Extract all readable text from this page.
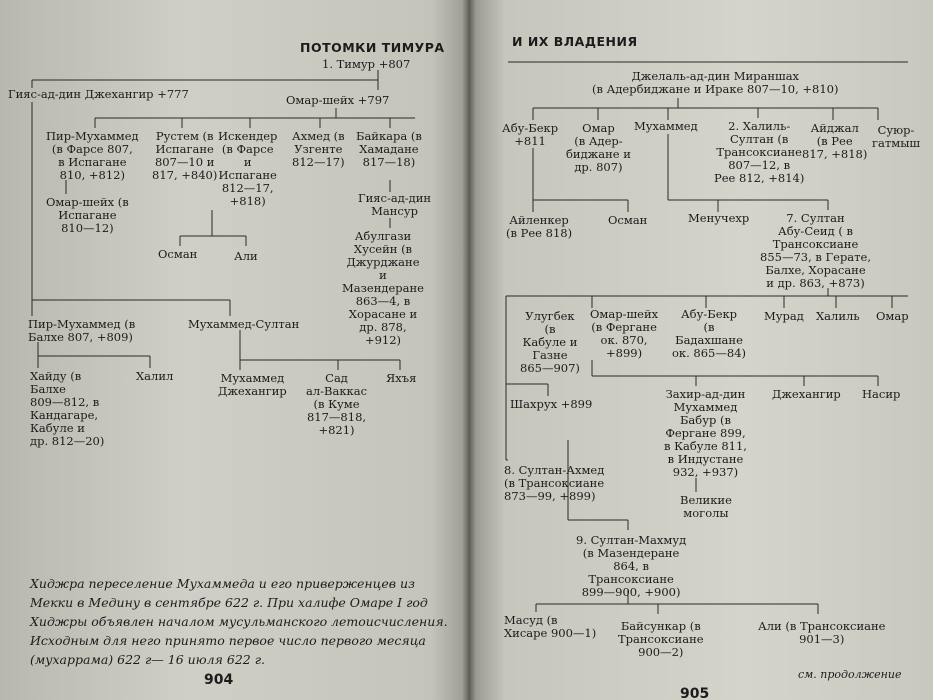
ПОТОМКИ ТИМУРА
1. Тимур +807
Гияс-ад-дин Джехангир +777	Омар-шейх +797
Пир-Мухаммед
(в Фарсе 807,
в Испагане
810, +812)
Рустем (в
Испагане
807—10 и
817, +840)
Искендер
(в Фарсе
и
Испагане
812—17,
+818)
Ахмед (в
Узгенте
812—17)
Байкара (в
Хамадане
817—18)
Омар-шейх (в
Испагане
810—12)
Гияс-ад-дин
Мансур
Абулгази
Хусейн (в
Джурджане
и
Мазендеране
863—4, в
Хорасане и
др. 878,
+912)
Осман	Али
Пир-Мухаммед (в
Балхе 807, +809)
Мухаммед-Султан
Хайду (в
Балхе
809—812, в
Кандагаре,
Кабуле и
др. 812—20)
Халил	Мухаммед
Джехангир
Сад
ал-Ваккас
(в Куме
817—818,
+821)
Яхъя
Хиджра переселение Мухаммеда и его приверженцев из
Мекки в Медину в сентябре 622 г. При халифе Омаре I год
Хиджры объявлен началом мусульманского летоисчисления.
Исходным для него принято первое число первого месяца
(мухаррама) 622 г— 16 июля 622 г.
904
И ИХ ВЛАДЕНИЯ
Джелаль-ад-дин Мираншах
(в Адербиджане и Ираке 807—10, +810)
Абу-Бекр
+811
Омар
(в Адер-
биджане и
др. 807)
Мухаммед	2. Халиль-
Султан (в
Трансоксиане
807—12, в
Рее 812, +814)
Айджал
(в Рее
817, +818)
Суюр-
гатмыш
Айленкер
(в Рее 818)
Осман	Менучехр	7. Султан
Абу-Сеид ( в
Трансоксиане
855—73, в Герате,
Балхе, Хорасане
и др. 863, +873)
Улугбек
(в
Кабуле и
Газне
865—907)
Омар-шейх
(в Фергане
ок. 870,
+899)
Абу-Бекр
(в
Бадахшане
ок. 865—84)
Мурад Халиль Омар
Шахрух +899
Захир-ад-дин
Мухаммед
Бабур (в
Фергане 899,
в Кабуле 811,
в Индустане
932, +937)
Джехангир Насир
8. Султан-Ахмед
(в Трансоксиане
873—99, +899)	Великие
моголы
9. Султан-Махмуд
(в Мазендеране
864, в
Трансоксиане
899—900, +900)
Масуд (в
Хисаре 900—1) Байсункар (в
Трансоксиане
900—2)
Али (в Трансоксиане
901—3)
см. продолжение
905
